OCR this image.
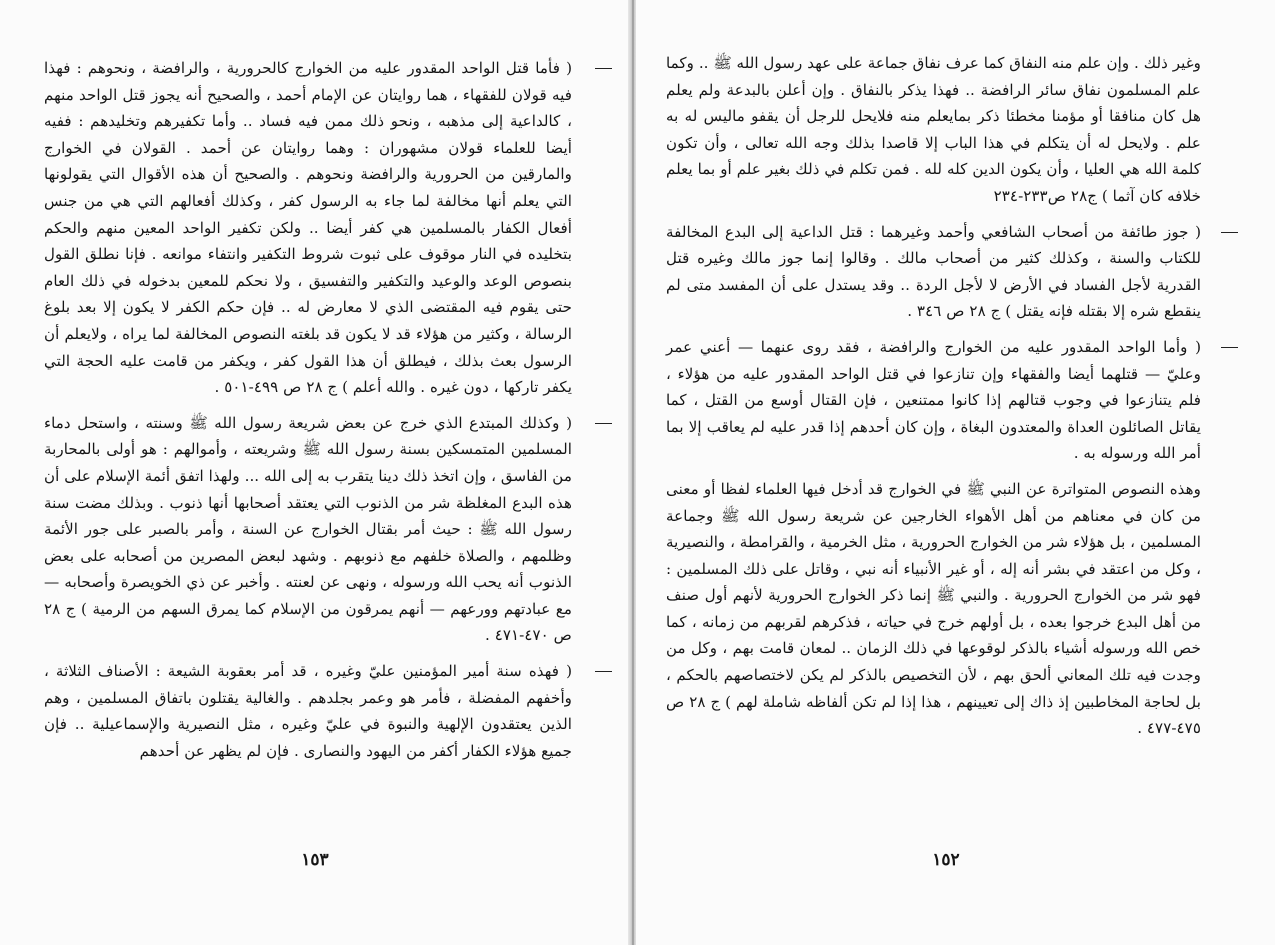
( فأما قتل الواحد المقدور عليه من الخوارج كالحرورية ، والرافضة ، ونحوهم : فهذا فيه قولان للفقهاء ، هما روايتان عن الإمام أحمد ، والصحيح أنه يجوز قتل الواحد منهم ، كالداعية إلى مذهبه ، ونحو ذلك ممن فيه فساد .. وأما تكفيرهم وتخليدهم : ففيه أيضا للعلماء قولان مشهوران : وهما روايتان عن أحمد . القولان في الخوارج والمارقين من الحرورية والرافضة ونحوهم . والصحيح أن هذه الأقوال التي يقولونها التي يعلم أنها مخالفة لما جاء به الرسول كفر ، وكذلك أفعالهم التي هي من جنس أفعال الكفار بالمسلمين هي كفر أيضا .. ولكن تكفير الواحد المعين منهم والحكم بتخليده في النار موقوف على ثبوت شروط التكفير وانتفاء موانعه . فإنا نطلق القول بنصوص الوعد والوعيد والتكفير والتفسيق ، ولا نحكم للمعين بدخوله في ذلك العام حتى يقوم فيه المقتضى الذي لا معارض له .. فإن حكم الكفر لا يكون إلا بعد بلوغ الرسالة ، وكثير من هؤلاء قد لا يكون قد بلغته النصوص المخالفة لما يراه ، ولايعلم أن الرسول بعث بذلك ، فيطلق أن هذا القول كفر ، ويكفر من قامت عليه الحجة التي يكفر تاركها ، دون غيره . والله أعلم ) ج ٢٨ ص ٤٩٩-٥٠١ .

( وكذلك المبتدع الذي خرج عن بعض شريعة رسول الله ﷺ وسنته ، واستحل دماء المسلمين المتمسكين بسنة رسول الله ﷺ وشريعته ، وأموالهم : هو أولى بالمحاربة من الفاسق ، وإن اتخذ ذلك دينا يتقرب به إلى الله ... ولهذا اتفق أئمة الإسلام على أن هذه البدع المغلظة شر من الذنوب التي يعتقد أصحابها أنها ذنوب . وبذلك مضت سنة رسول الله ﷺ : حيث أمر بقتال الخوارج عن السنة ، وأمر بالصبر على جور الأئمة وظلمهم ، والصلاة خلفهم مع ذنوبهم . وشهد لبعض المصرين من أصحابه على بعض الذنوب أنه يحب الله ورسوله ، ونهى عن لعنته . وأخبر عن ذي الخويصرة وأصحابه — مع عبادتهم وورعهم — أنهم يمرقون من الإسلام كما يمرق السهم من الرمية ) ج ٢٨ ص ٤٧٠-٤٧١ .

( فهذه سنة أمير المؤمنين عليّ وغيره ، قد أمر بعقوبة الشيعة : الأصناف الثلاثة ، وأخفهم المفضلة ، فأمر هو وعمر بجلدهم . والغالية يقتلون باتفاق المسلمين ، وهم الذين يعتقدون الإلهية والنبوة في عليّ وغيره ، مثل النصيرية والإسماعيلية .. فإن جميع هؤلاء الكفار أكفر من اليهود والنصارى . فإن لم يظهر عن أحدهم

١٥٣

وغير ذلك . وإن علم منه النفاق كما عرف نفاق جماعة على عهد رسول الله ﷺ .. وكما علم المسلمون نفاق سائر الرافضة .. فهذا يذكر بالنفاق . وإن أعلن بالبدعة ولم يعلم هل كان منافقا أو مؤمنا مخطئا ذكر بمايعلم منه فلايحل للرجل أن يقفو ماليس له به علم . ولايحل له أن يتكلم في هذا الباب إلا قاصدا بذلك وجه الله تعالى ، وأن تكون كلمة الله هي العليا ، وأن يكون الدين كله لله . فمن تكلم في ذلك بغير علم أو بما يعلم خلافه كان آثما ) ج٢٨ ص٢٣٣-٢٣٤

( جوز طائفة من أصحاب الشافعي وأحمد وغيرهما : قتل الداعية إلى البدع المخالفة للكتاب والسنة ، وكذلك كثير من أصحاب مالك . وقالوا إنما جوز مالك وغيره قتل القدرية لأجل الفساد في الأرض لا لأجل الردة .. وقد يستدل على أن المفسد متى لم ينقطع شره إلا بقتله فإنه يقتل ) ج ٢٨ ص ٣٤٦ .

( وأما الواحد المقدور عليه من الخوارج والرافضة ، فقد روى عنهما — أعني عمر وعليّ — قتلهما أيضا والفقهاء وإن تنازعوا في قتل الواحد المقدور عليه من هؤلاء ، فلم يتنازعوا في وجوب قتالهم إذا كانوا ممتنعين ، فإن القتال أوسع من القتل ، كما يقاتل الصائلون العداة والمعتدون البغاة ، وإن كان أحدهم إذا قدر عليه لم يعاقب إلا بما أمر الله ورسوله به .

وهذه النصوص المتواترة عن النبي ﷺ في الخوارج قد أدخل فيها العلماء لفظا أو معنى من كان في معناهم من أهل الأهواء الخارجين عن شريعة رسول الله ﷺ وجماعة المسلمين ، بل هؤلاء شر من الخوارج الحرورية ، مثل الخرمية ، والقرامطة ، والنصيرية ، وكل من اعتقد في بشر أنه إله ، أو غير الأنبياء أنه نبي ، وقاتل على ذلك المسلمين : فهو شر من الخوارج الحرورية . والنبي ﷺ إنما ذكر الخوارج الحرورية لأنهم أول صنف من أهل البدع خرجوا بعده ، بل أولهم خرج في حياته ، فذكرهم لقربهم من زمانه ، كما خص الله ورسوله أشياء بالذكر لوقوعها في ذلك الزمان .. لمعان قامت بهم ، وكل من وجدت فيه تلك المعاني ألحق بهم ، لأن التخصيص بالذكر لم يكن لاختصاصهم بالحكم ، بل لحاجة المخاطبين إذ ذاك إلى تعيينهم ، هذا إذا لم تكن ألفاظه شاملة لهم ) ج ٢٨ ص ٤٧٥-٤٧٧ .

١٥٢
